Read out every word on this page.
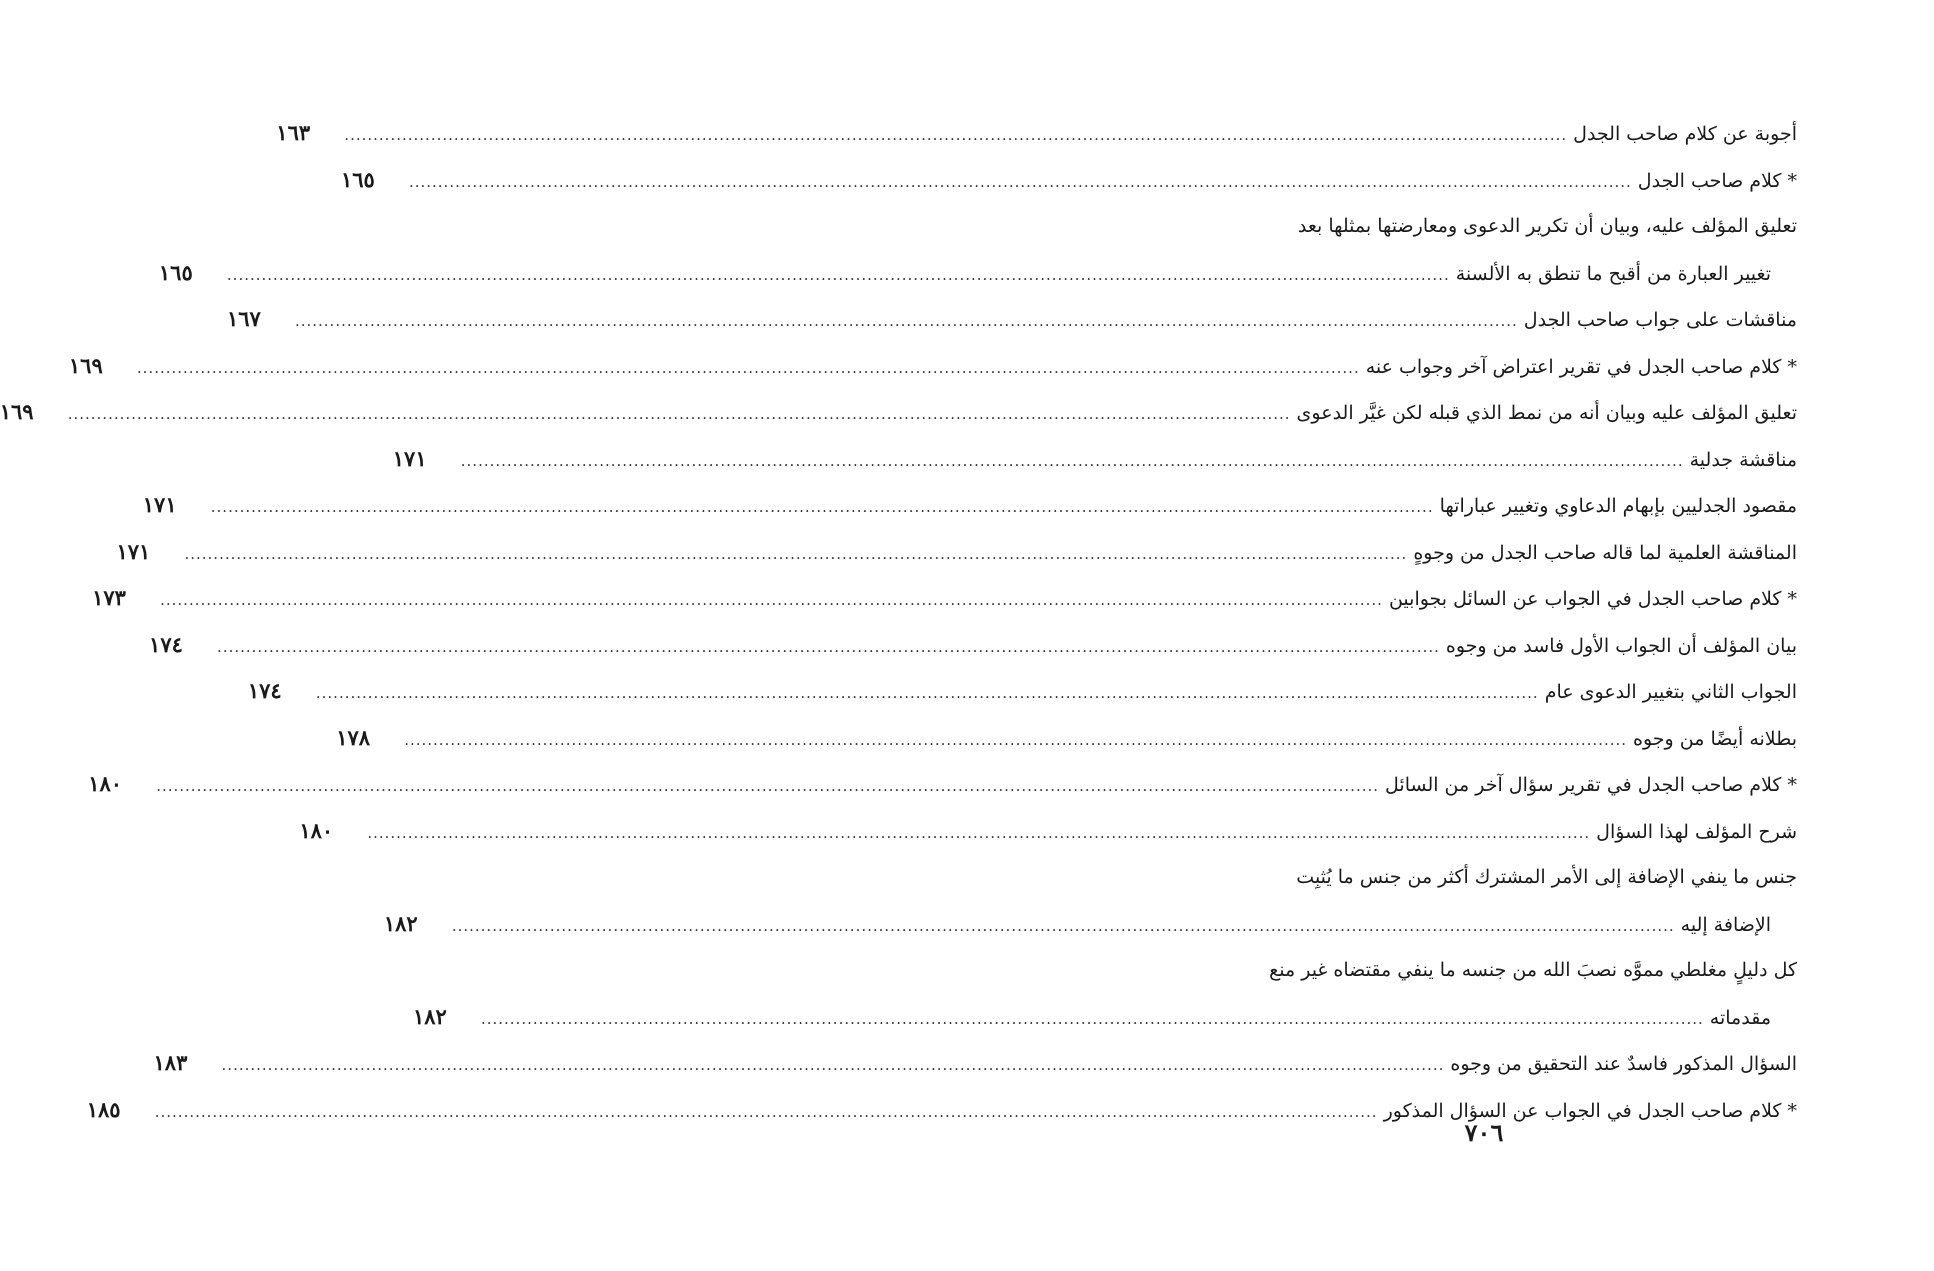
أجوبة عن كلام صاحب الجدل
.....
١٦٣
* كلام صاحب الجدل
.....
١٦٥
تعليق المؤلف عليه، وبيان أن تكرير الدعوى ومعارضتها بمثلها بعد
تغيير العبارة من أقبح ما تنطق به الألسنة
.....
١٦٥
مناقشات على جواب صاحب الجدل
.....
١٦٧
* كلام صاحب الجدل في تقرير اعتراض آخر وجواب عنه
.....
١٦٩
تعليق المؤلف عليه وبيان أنه من نمط الذي قبله لكن غيَّر الدعوى
.....
١٦٩
مناقشة جدلية
.....
١٧١
مقصود الجدليين بإبهام الدعاوي وتغيير عباراتها
.....
١٧١
المناقشة العلمية لما قاله صاحب الجدل من وجوهٍ
.....
١٧١
* كلام صاحب الجدل في الجواب عن السائل بجوابين
.....
١٧٣
بيان المؤلف أن الجواب الأول فاسد من وجوه
.....
١٧٤
الجواب الثاني بتغيير الدعوى عام
.....
١٧٤
بطلانه أيضًا من وجوه
.....
١٧٨
* كلام صاحب الجدل في تقرير سؤال آخر من السائل
.....
١٨٠
شرح المؤلف لهذا السؤال
.....
١٨٠
جنس ما ينفي الإضافة إلى الأمر المشترك أكثر من جنس ما يُثبِت
الإضافة إليه
.....
١٨٢
كل دليلٍ مغلطي مموَّه نصبَ الله من جنسه ما ينفي مقتضاه غير منع
مقدماته
.....
١٨٢
السؤال المذكور فاسدٌ عند التحقيق من وجوه
.....
١٨٣
* كلام صاحب الجدل في الجواب عن السؤال المذكور
.....
١٨٥
٧٠٦
